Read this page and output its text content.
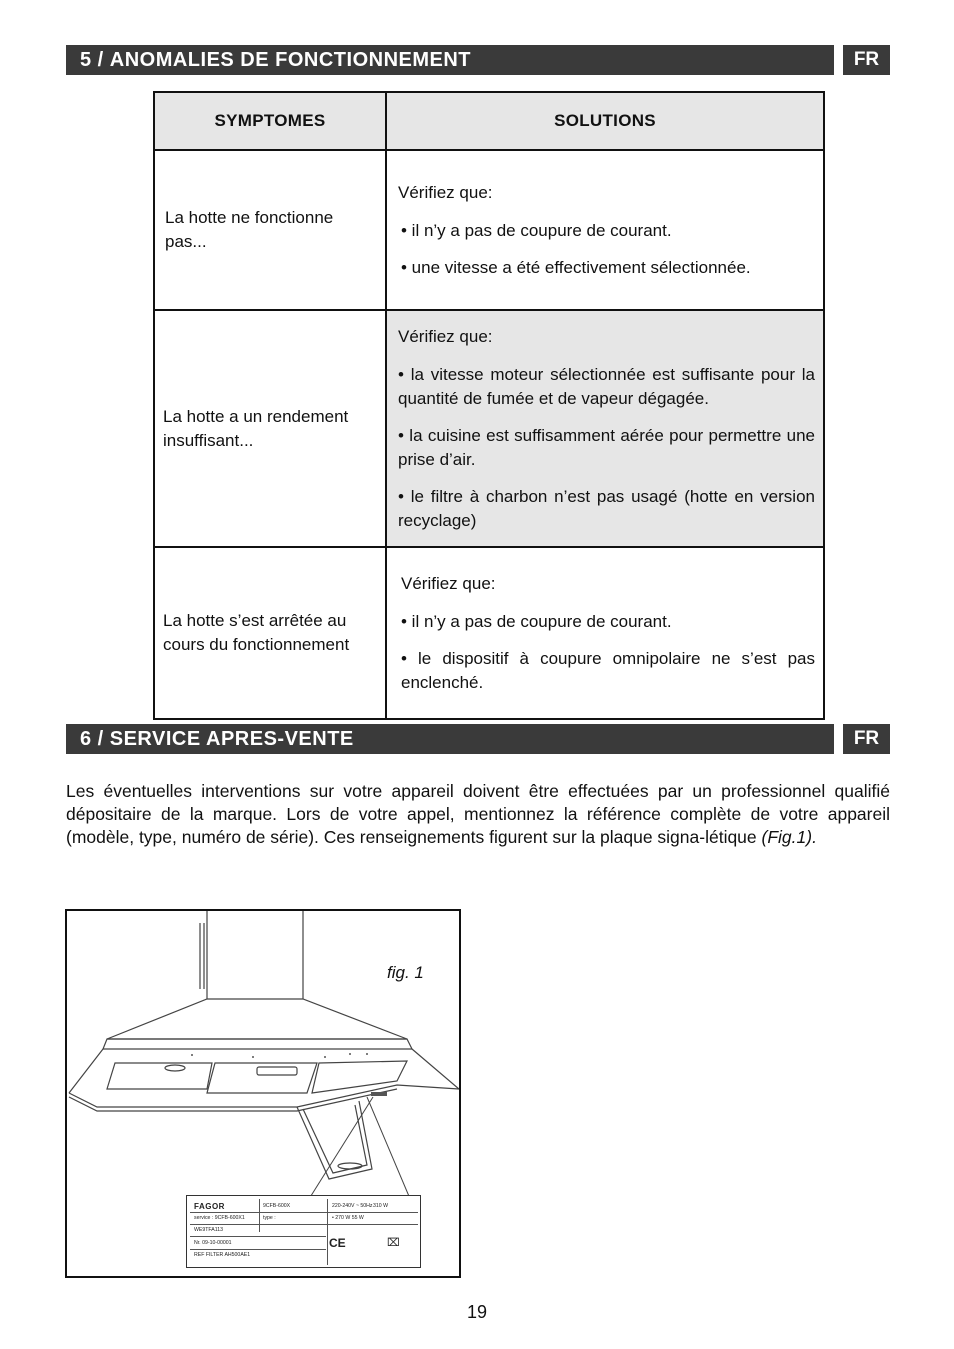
5 / ANOMALIES DE FONCTIONNEMENT	FR
SYMPTOMES	SOLUTIONS
La hotte ne fonctionne pas...	Vérifiez que:

• il n’y a pas de coupure de courant.

• une vitesse a été effectivement sélectionnée.

La hotte a un rendement insuffisant...	Vérifiez que:

• la vitesse moteur sélectionnée est suffisante pour la quantité de fumée et de vapeur dégagée.

• la cuisine est suffisamment aérée pour permettre une prise d’air.

• le filtre à charbon n’est pas usagé (hotte en version recyclage)

La hotte s’est arrêtée au cours du fonctionnement	Vérifiez que:

• il n’y a pas de coupure de courant.

• le dispositif à coupure omnipolaire ne s’est pas enclenché.

6 / SERVICE APRES-VENTE	FR

Les éventuelles interventions sur votre appareil doivent être effectuées par un professionnel qualifié dépositaire de la marque. Lors de votre appel, mentionnez la référence complète de votre appareil (modèle, type, numéro de série). Ces renseignements figurent sur la plaque signa-létique (Fig.1).

fig. 1
FAGOR	9CFB-600X	310 W
220-240V ~ 50Hz
service : 9CFB-600X1	type :	• 270 W 55 W
WE9TFA113
Nr. 09-10-00001
REF FILTER AH500AE1
CE	⌧
19
